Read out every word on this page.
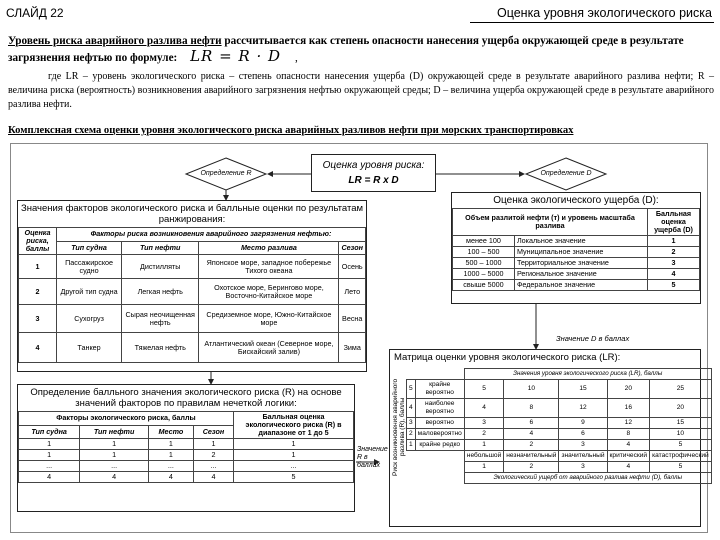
СЛАЙД 22	Оценка уровня экологического риска
Уровень риска аварийного разлива нефти рассчитывается как степень опасности нанесения ущерба окружающей среде в результате загрязнения нефтью по формуле: LR = R · D ,
где LR – уровень экологического риска – степень опасности нанесения ущерба (D) окружающей среде в результате аварийного разлива нефти; R – величина риска (вероятность) возникновения аварийного загрязнения нефтью окружающей среды; D – величина ущерба окружающей среде в результате аварийного разлива нефти.
Комплексная схема оценки уровня экологического риска аварийных разливов нефти при морских транспортировках
Оценка уровня риска:
LR = R x D
Определение R	Определение D
Значения факторов экологического риска и балльные оценки по результатам ранжирования:
Оценка риска, баллы	Факторы риска возникновения аварийного загрязнения нефтью:			
	Тип судна	Тип нефти	Место разлива	Сезон
1	Пассажирское судно	Дистилляты	Японское море, западное побережье Тихого океана	Осень
2	Другой тип судна	Легкая нефть	Охотское море, Берингово море, Восточно-Китайское море	Лето
3	Сухогруз	Сырая неочищенная нефть	Средиземное море, Южно-Китайское море	Весна
4	Танкер	Тяжелая нефть	Атлантический океан (Северное море, Бискайский залив)	Зима
Оценка экологического ущерба (D):
Объем разлитой нефти (т) и уровень масштаба разлива		Балльная оценка ущерба (D)
менее 100	Локальное значение	1
100 – 500	Муниципальное значение	2
500 – 1000	Территориальное значение	3
1000 – 5000	Региональное значение	4
свыше 5000	Федеральное значение	5
Значение D в баллах
Определение балльного значения экологического риска (R) на основе значений факторов по правилам нечеткой логики:
Факторы экологического риска, баллы				Балльная оценка экологического риска (R) в диапазоне от 1 до 5
Тип судна	Тип нефти	Место	Сезон	
1	1	1	1	1
1	1	1	2	1
...	...	...	...	...
4	4	4	4	5
Значение R в баллах
Матрица оценки уровня экологического риска (LR):
Риск возникновения аварийного разлива (R), баллы
		Значения уровня экологического риска (LR), баллы				
5	крайне вероятно	5	10	15	20	25
4	наиболее вероятно	4	8	12	16	20
3	вероятно	3	6	9	12	15
2	маловероятно	2	4	6	8	10
1	крайне редко	1	2	3	4	5
		небольшой	незначительный	значительный	критический	катастрофический
		1	2	3	4	5
		Экологический ущерб от аварийного разлива нефти (D), баллы				
